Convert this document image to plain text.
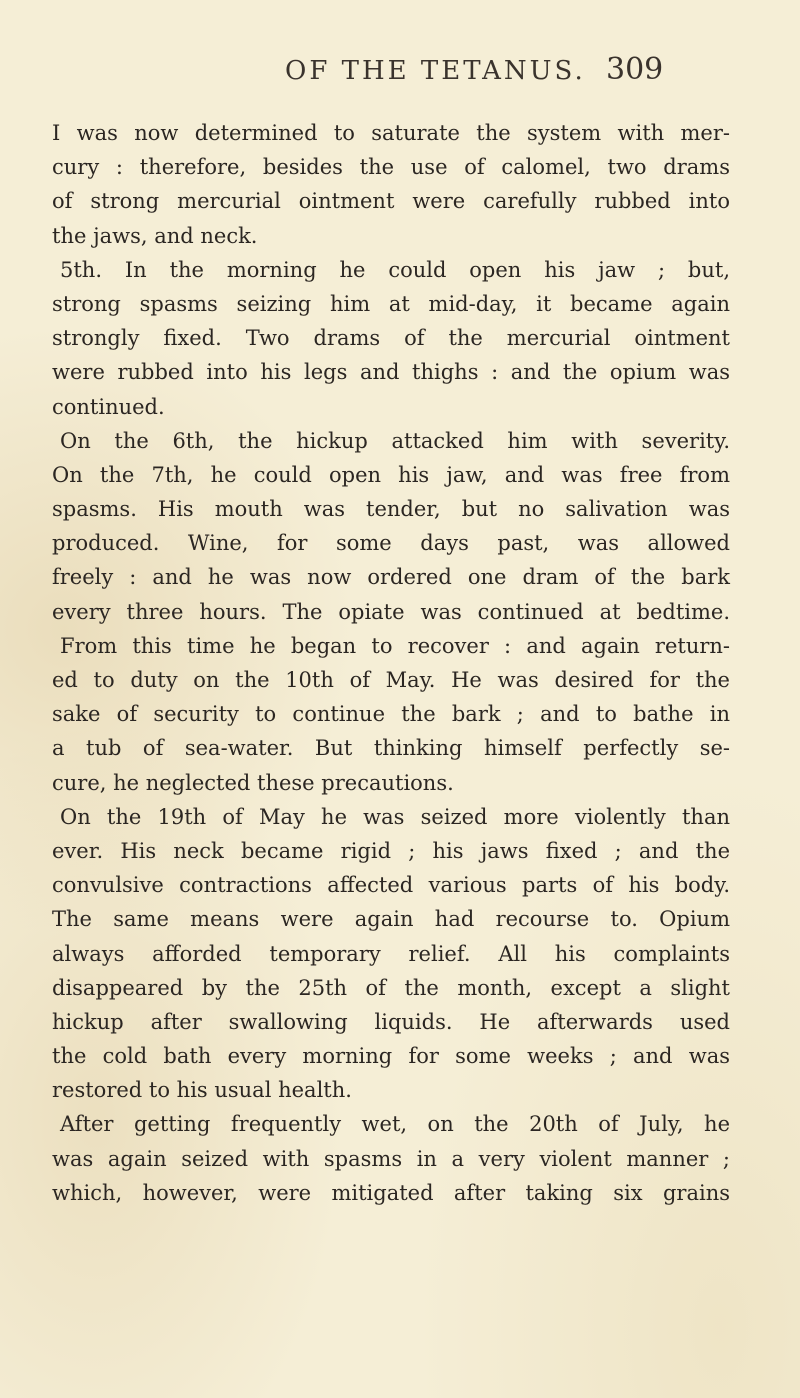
OF THE TETANUS. 309
I was now determined to saturate the system with mer-
cury : therefore, besides the use of calomel, two drams
of strong mercurial ointment were carefully rubbed into
the jaws, and neck.
5th. In the morning he could open his jaw ; but,
strong spasms seizing him at mid-day, it became again
strongly fixed. Two drams of the mercurial ointment
were rubbed into his legs and thighs : and the opium was
continued.
On the 6th, the hickup attacked him with severity.
On the 7th, he could open his jaw, and was free from
spasms. His mouth was tender, but no salivation was
produced. Wine, for some days past, was allowed
freely : and he was now ordered one dram of the bark
every three hours. The opiate was continued at bedtime.
From this time he began to recover : and again return-
ed to duty on the 10th of May. He was desired for the
sake of security to continue the bark ; and to bathe in
a tub of sea-water. But thinking himself perfectly se-
cure, he neglected these precautions.
On the 19th of May he was seized more violently than
ever. His neck became rigid ; his jaws fixed ; and the
convulsive contractions affected various parts of his body.
The same means were again had recourse to. Opium
always afforded temporary relief. All his complaints
disappeared by the 25th of the month, except a slight
hickup after swallowing liquids. He afterwards used
the cold bath every morning for some weeks ; and was
restored to his usual health.
After getting frequently wet, on the 20th of July, he
was again seized with spasms in a very violent manner ;
which, however, were mitigated after taking six grains
